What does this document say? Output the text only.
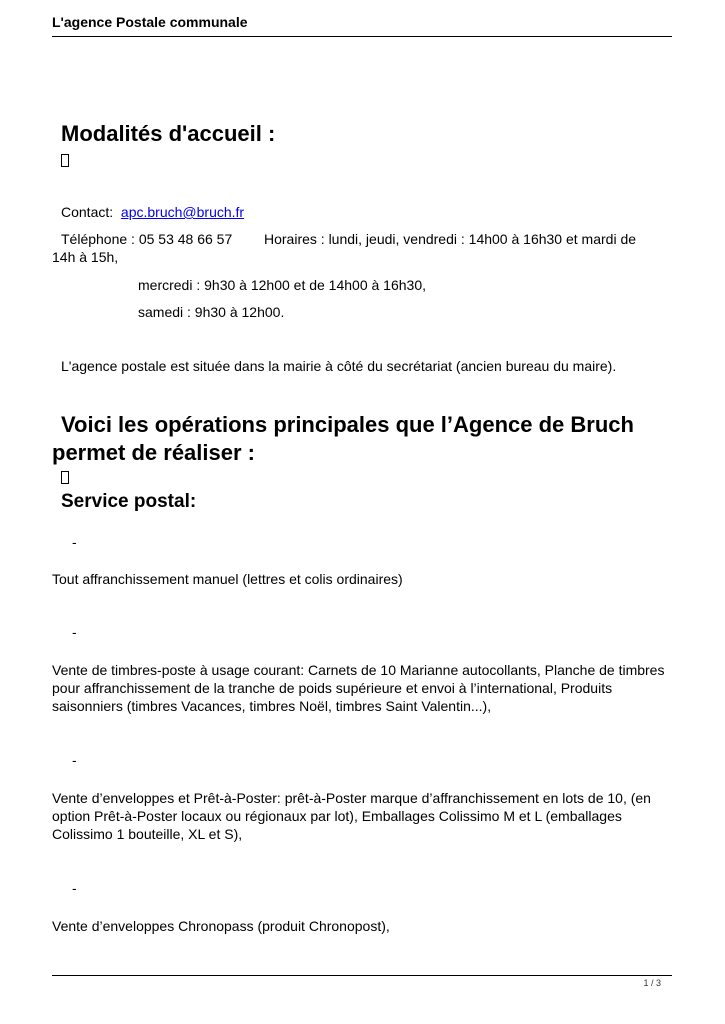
L'agence Postale communale
Modalités d'accueil :
Contact: apc.bruch@bruch.fr
Téléphone : 05 53 48 66 57 Horaires : lundi, jeudi, vendredi : 14h00 à 16h30 et mardi de
14h à 15h,
mercredi : 9h30 à 12h00 et de 14h00 à 16h30,
samedi : 9h30 à 12h00.
L'agence postale est située dans la mairie à côté du secrétariat (ancien bureau du maire).
Voici les opérations principales que l’Agence de Bruch
permet de réaliser :
Service postal:
-
Tout affranchissement manuel (lettres et colis ordinaires)
-
Vente de timbres-poste à usage courant: Carnets de 10 Marianne autocollants, Planche de timbres pour affranchissement de la tranche de poids supérieure et envoi à l’international, Produits saisonniers (timbres Vacances, timbres Noël, timbres Saint Valentin...),
-
Vente d’enveloppes et Prêt-à-Poster: prêt-à-Poster marque d’affranchissement en lots de 10, (en option Prêt-à-Poster locaux ou régionaux par lot), Emballages Colissimo M et L (emballages Colissimo 1 bouteille, XL et S),
-
Vente d’enveloppes Chronopass (produit Chronopost),
1 / 3
